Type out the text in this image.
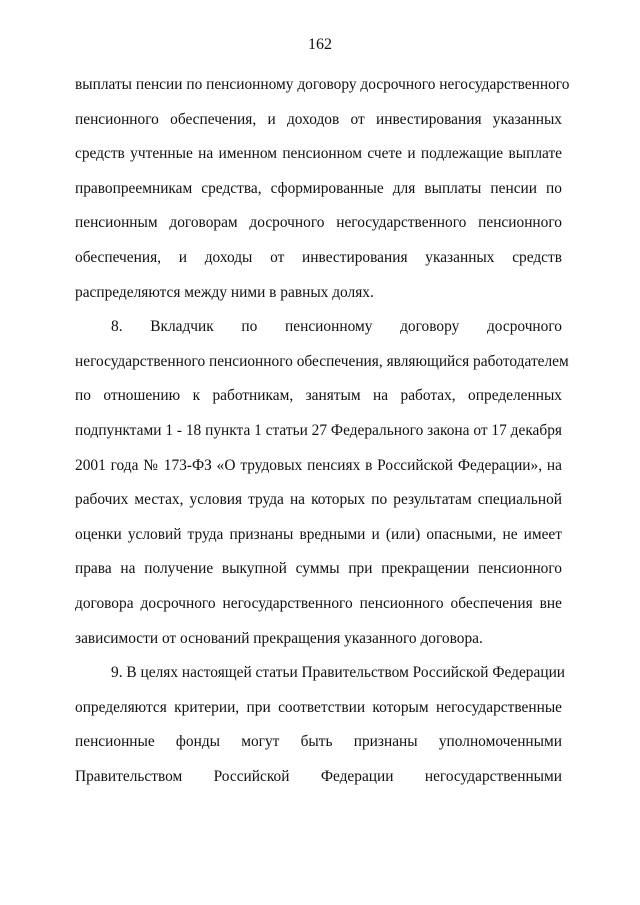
162
выплаты пенсии по пенсионному договору досрочного негосударственного
пенсионного обеспечения, и доходов от инвестирования указанных
средств учтенные на именном пенсионном счете и подлежащие выплате
правопреемникам средства, сформированные для выплаты пенсии по
пенсионным договорам досрочного негосударственного пенсионного
обеспечения, и доходы от инвестирования указанных средств
распределяются между ними в равных долях.
8. Вкладчик по пенсионному договору досрочного
негосударственного пенсионного обеспечения, являющийся работодателем
по отношению к работникам, занятым на работах, определенных
подпунктами 1 - 18 пункта 1 статьи 27 Федерального закона от 17 декабря
2001 года № 173-ФЗ «О трудовых пенсиях в Российской Федерации», на
рабочих местах, условия труда на которых по результатам специальной
оценки условий труда признаны вредными и (или) опасными, не имеет
права на получение выкупной суммы при прекращении пенсионного
договора досрочного негосударственного пенсионного обеспечения вне
зависимости от оснований прекращения указанного договора.
9. В целях настоящей статьи Правительством Российской Федерации
определяются критерии, при соответствии которым негосударственные
пенсионные фонды могут быть признаны уполномоченными
Правительством Российской Федерации негосударственными
